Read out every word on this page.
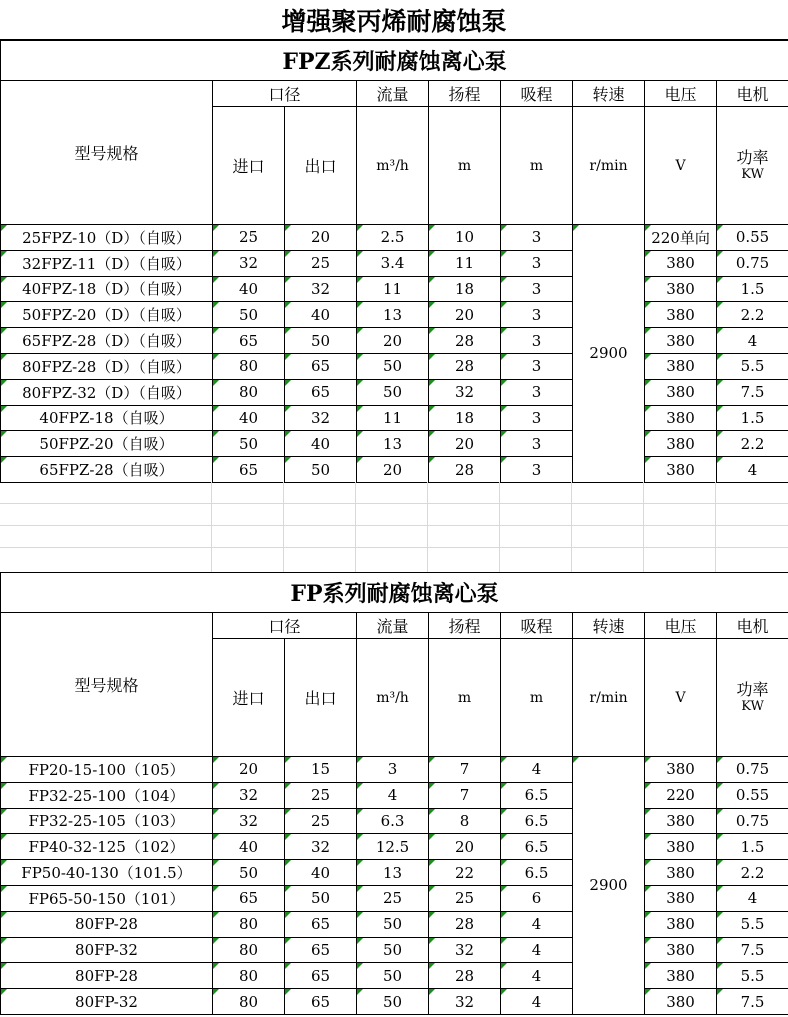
增强聚丙烯耐腐蚀泵
FPZ系列耐腐蚀离心泵
型号规格	口径		流量	扬程	吸程	转速	电压	电机
	进口	出口	m³/h	m	m	r/min	V	功率
KW

25FPZ-10（D）（自吸）	25	20	2.5	10	3	2900	220单向	0.55
32FPZ-11（D）（自吸）	32	25	3.4	11	3		380	0.75
40FPZ-18（D）（自吸）	40	32	11	18	3		380	1.5
50FPZ-20（D）（自吸）	50	40	13	20	3		380	2.2
65FPZ-28（D）（自吸）	65	50	20	28	3		380	4
80FPZ-28（D）（自吸）	80	65	50	28	3		380	5.5
80FPZ-32（D）（自吸）	80	65	50	32	3		380	7.5
40FPZ-18（自吸）	40	32	11	18	3		380	1.5
50FPZ-20（自吸）	50	40	13	20	3		380	2.2
65FPZ-28（自吸）	65	50	20	28	3		380	4
FP系列耐腐蚀离心泵
型号规格	口径		流量	扬程	吸程	转速	电压	电机
	进口	出口	m³/h	m	m	r/min	V	功率
KW

FP20-15-100（105）	20	15	3	7	4	2900	380	0.75
FP32-25-100（104）	32	25	4	7	6.5		220	0.55
FP32-25-105（103）	32	25	6.3	8	6.5		380	0.75
FP40-32-125（102）	40	32	12.5	20	6.5		380	1.5
FP50-40-130（101.5）	50	40	13	22	6.5		380	2.2
FP65-50-150（101）	65	50	25	25	6		380	4
80FP-28	80	65	50	28	4		380	5.5
80FP-32	80	65	50	32	4		380	7.5
80FP-28	80	65	50	28	4		380	5.5
80FP-32	80	65	50	32	4		380	7.5
